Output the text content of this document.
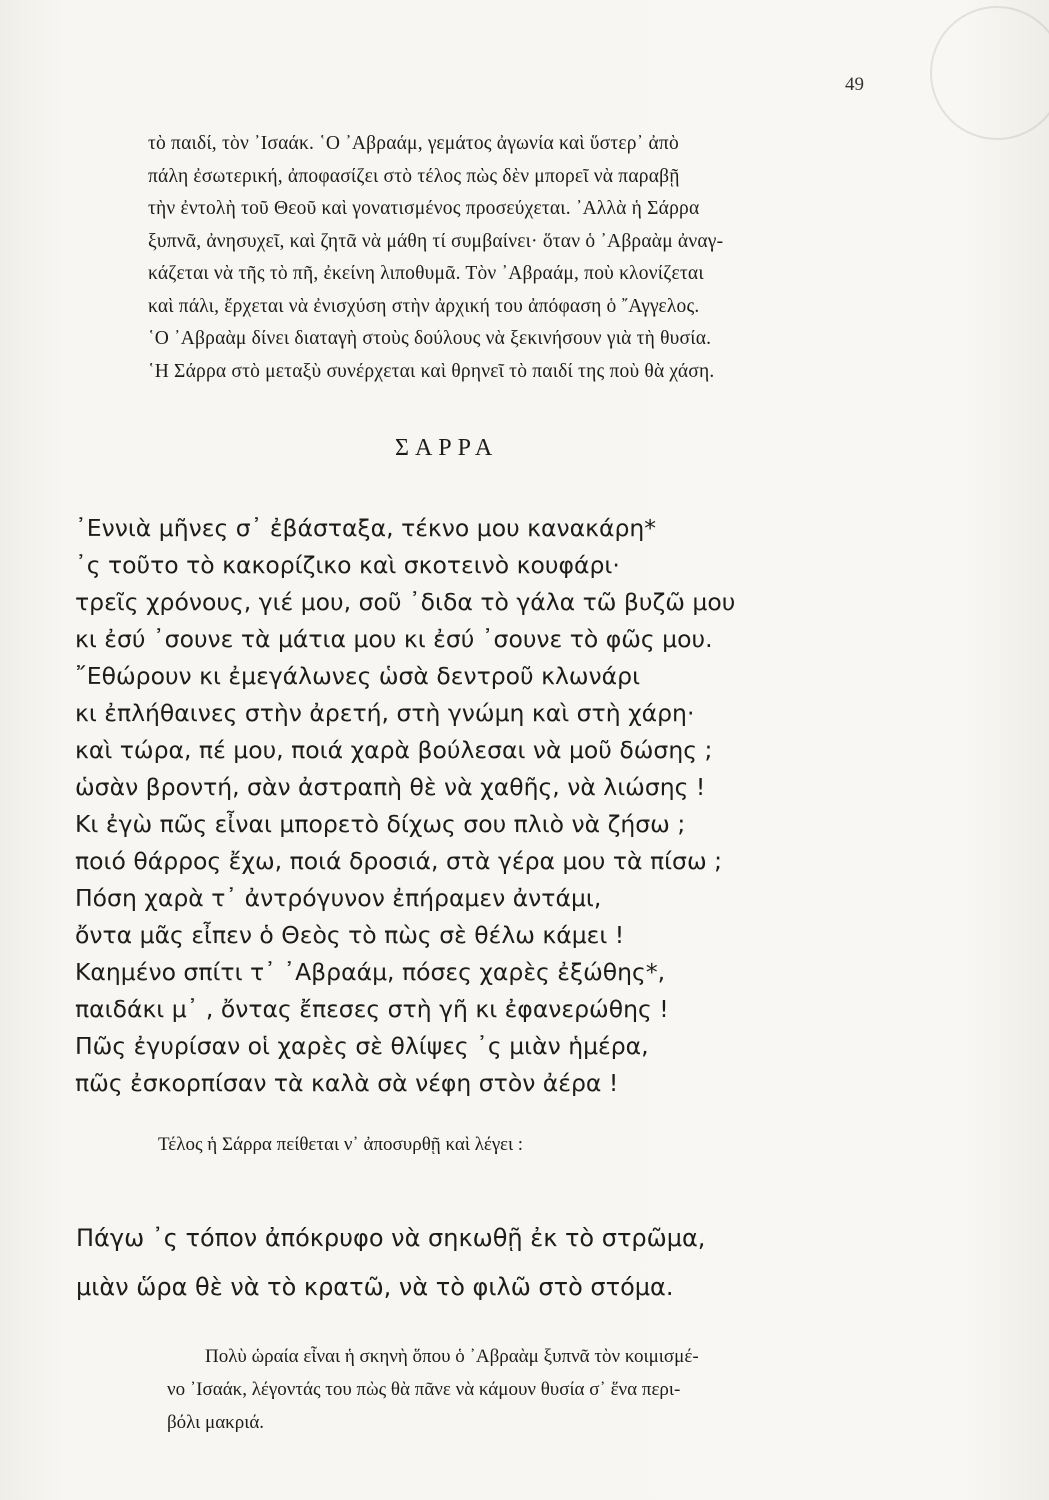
49
τὸ παιδί, τὸν ᾿Ισαάκ. ῾Ο ᾿Αβραάμ, γεμάτος ἀγωνία καὶ ὕστερ᾿ ἀπὸ
πάλη ἐσωτερική, ἀποφασίζει στὸ τέλος πὼς δὲν μπορεῖ νὰ παραβῇ
τὴν ἐντολὴ τοῦ Θεοῦ καὶ γονατισμένος προσεύχεται. ᾿Αλλὰ ἡ Σάρρα
ξυπνᾶ, ἀνησυχεῖ, καὶ ζητᾶ νὰ μάθη τί συμβαίνει· ὅταν ὁ ᾿Αβραὰμ ἀναγ-
κάζεται νὰ τῆς τὸ πῆ, ἐκείνη λιποθυμᾶ. Τὸν ᾿Αβραάμ, ποὺ κλονίζεται
καὶ πάλι, ἔρχεται νὰ ἐνισχύση στὴν ἀρχική του ἀπόφαση ὁ ῎Αγγελος.
῾Ο ᾿Αβραὰμ δίνει διαταγὴ στοὺς δούλους νὰ ξεκινήσουν γιὰ τὴ θυσία.
῾Η Σάρρα στὸ μεταξὺ συνέρχεται καὶ θρηνεῖ τὸ παιδί της ποὺ θὰ χάση.
ΣΑΡΡΑ
᾿Εννιὰ μῆνες σ᾿ ἐβάσταξα, τέκνο μου κανακάρη*
᾿ς τοῦτο τὸ κακορίζικο καὶ σκοτεινὸ κουφάρι·
τρεῖς χρόνους, γιέ μου, σοῦ ᾿διδα τὸ γάλα τῶ βυζῶ μου
κι ἐσύ ᾿σουνε τὰ μάτια μου κι ἐσύ ᾿σουνε τὸ φῶς μου.
῎Εθώρουν κι ἐμεγάλωνες ὡσὰ δεντροῦ κλωνάρι
κι ἐπλήθαινες στὴν ἀρετή, στὴ γνώμη καὶ στὴ χάρη·
καὶ τώρα, πέ μου, ποιά χαρὰ βούλεσαι νὰ μοῦ δώσης ;
ὡσὰν βροντή, σὰν ἀστραπὴ θὲ νὰ χαθῆς, νὰ λιώσης !
Κι ἐγὼ πῶς εἶναι μπορετὸ δίχως σου πλιὸ νὰ ζήσω ;
ποιό θάρρος ἔχω, ποιά δροσιά, στὰ γέρα μου τὰ πίσω ;
Πόση χαρὰ τ᾿ ἀντρόγυνον ἐπήραμεν ἀντάμι,
ὄντα μᾶς εἶπεν ὁ Θεὸς τὸ πὼς σὲ θέλω κάμει !
Καημένο σπίτι τ᾿ ᾿Αβραάμ, πόσες χαρὲς ἐξώθης*,
παιδάκι μ᾿ , ὄντας ἔπεσες στὴ γῆ κι ἐφανερώθης !
Πῶς ἐγυρίσαν οἱ χαρὲς σὲ θλίψες ᾿ς μιὰν ἡμέρα,
πῶς ἐσκορπίσαν τὰ καλὰ σὰ νέφη στὸν ἀέρα !
Τέλος ἡ Σάρρα πείθεται ν᾿ ἀποσυρθῇ καὶ λέγει :
Πάγω ᾿ς τόπον ἀπόκρυφο νὰ σηκωθῇ ἐκ τὸ στρῶμα,
μιὰν ὥρα θὲ νὰ τὸ κρατῶ, νὰ τὸ φιλῶ στὸ στόμα.
Πολὺ ὡραία εἶναι ἡ σκηνὴ ὅπου ὁ ᾿Αβραὰμ ξυπνᾶ τὸν κοιμισμέ-
νο ᾿Ισαάκ, λέγοντάς του πὼς θὰ πᾶνε νὰ κάμουν θυσία σ᾿ ἕνα περι-
βόλι μακριά.
